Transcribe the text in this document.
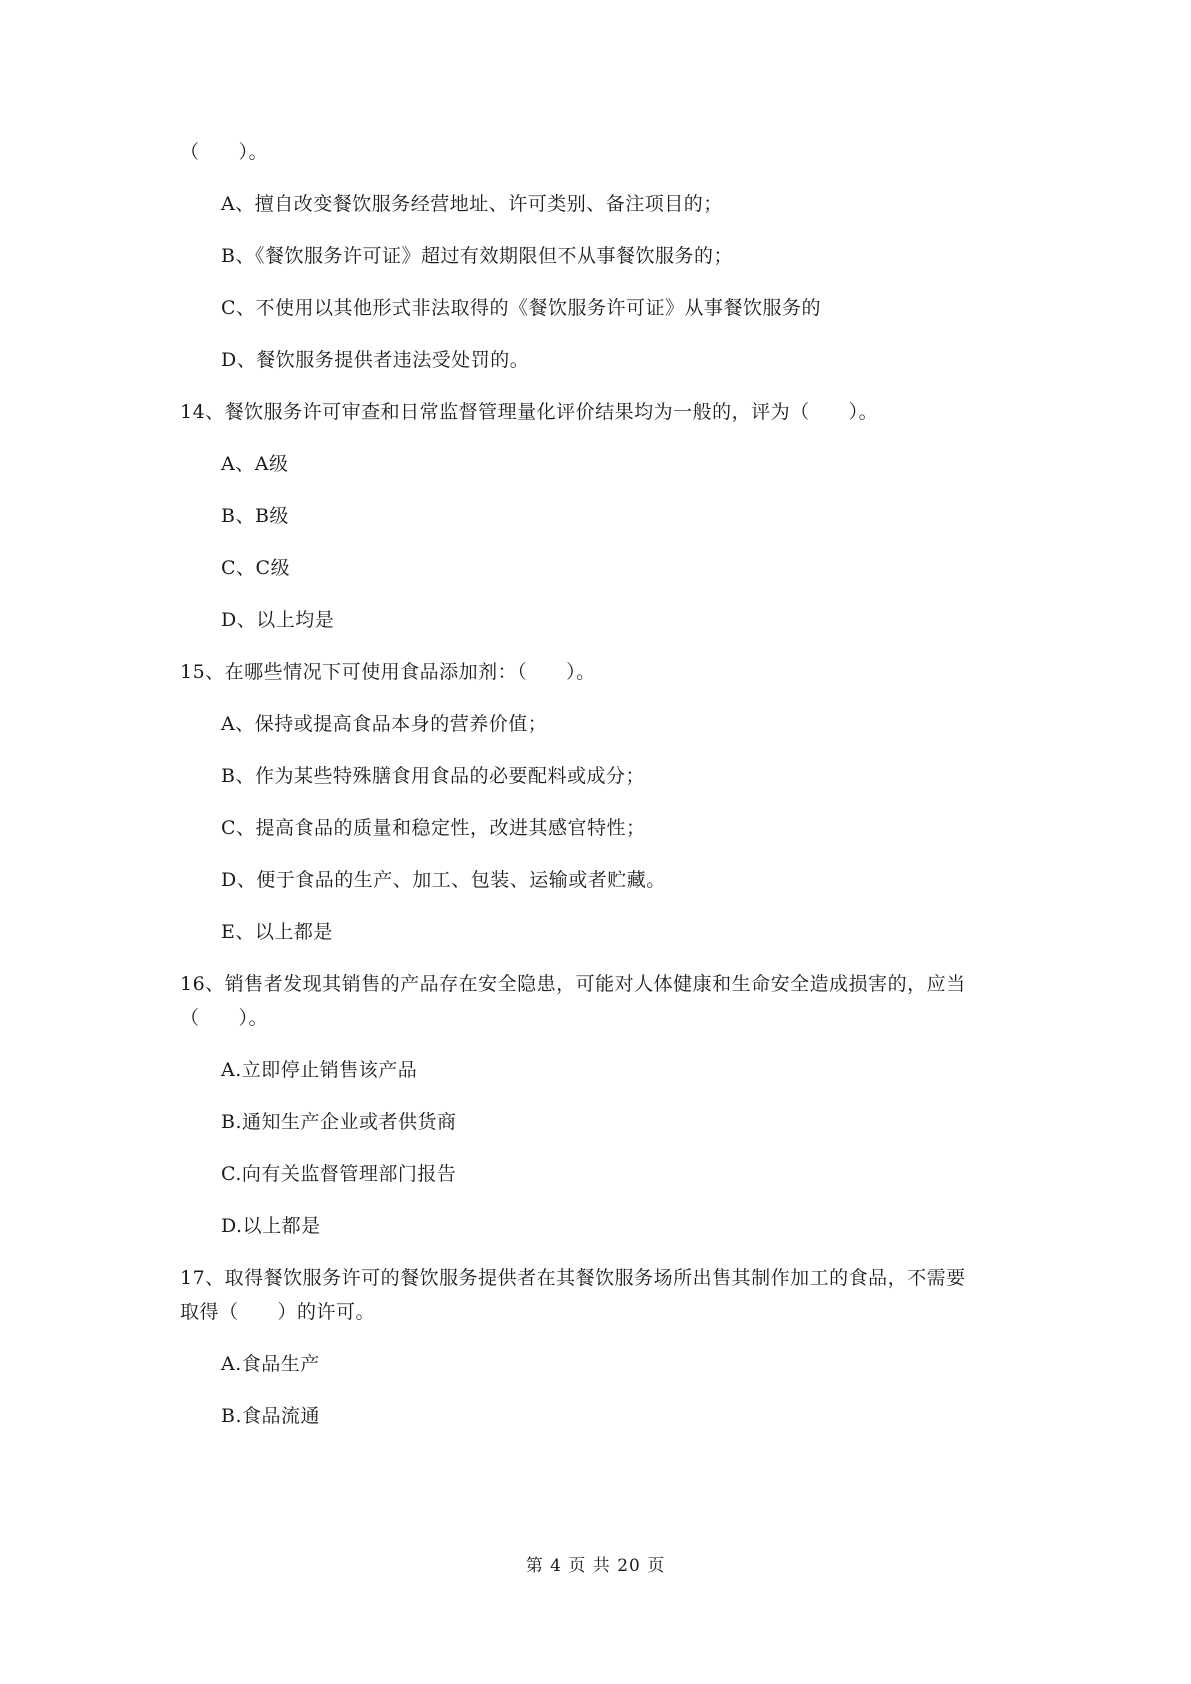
（　　）。
A、擅自改变餐饮服务经营地址、许可类别、备注项目的；
B、《餐饮服务许可证》超过有效期限但不从事餐饮服务的；
C、不使用以其他形式非法取得的《餐饮服务许可证》从事餐饮服务的
D、餐饮服务提供者违法受处罚的。
14、餐饮服务许可审查和日常监督管理量化评价结果均为一般的，评为（　　）。
A、A级
B、B级
C、C级
D、以上均是
15、在哪些情况下可使用食品添加剂：（　　）。
A、保持或提高食品本身的营养价值；
B、作为某些特殊膳食用食品的必要配料或成分；
C、提高食品的质量和稳定性，改进其感官特性；
D、便于食品的生产、加工、包装、运输或者贮藏。
E、以上都是
16、销售者发现其销售的产品存在安全隐患，可能对人体健康和生命安全造成损害的，应当
（　　）。
A.立即停止销售该产品
B.通知生产企业或者供货商
C.向有关监督管理部门报告
D.以上都是
17、取得餐饮服务许可的餐饮服务提供者在其餐饮服务场所出售其制作加工的食品，不需要
取得（　　）的许可。
A.食品生产
B.食品流通
第 4 页 共 20 页
